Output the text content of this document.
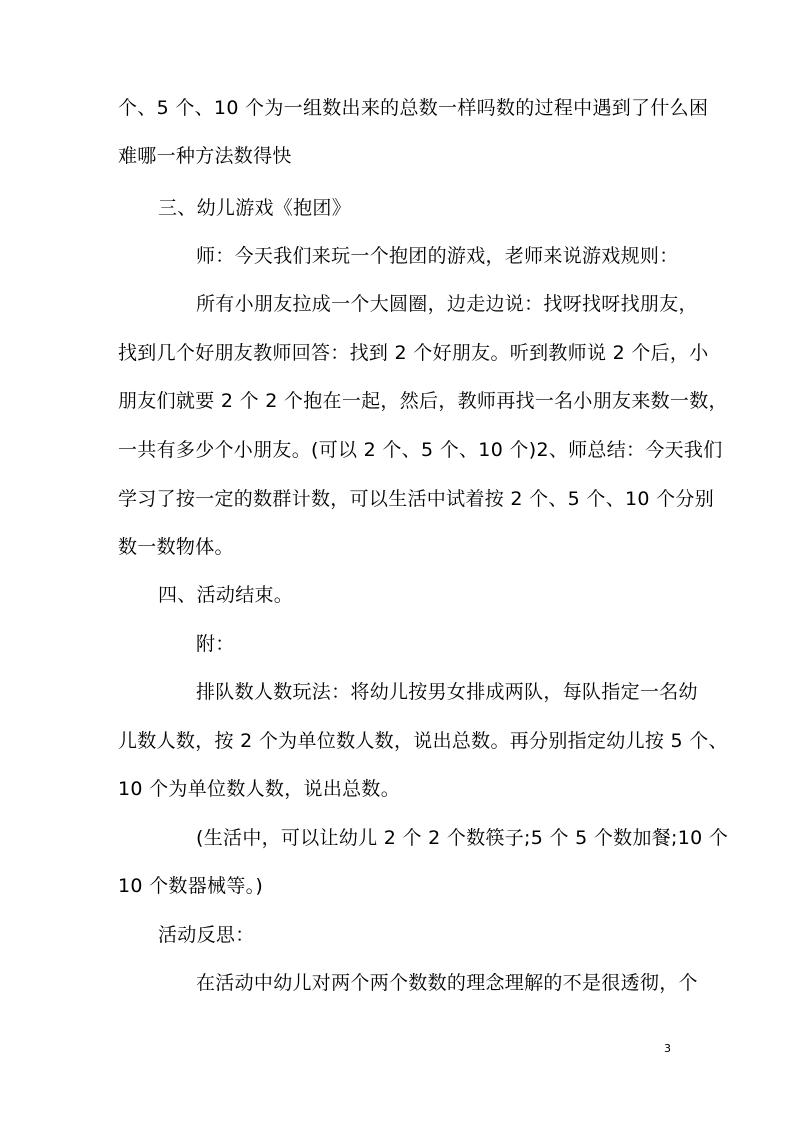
个、5 个、10 个为一组数出来的总数一样吗数的过程中遇到了什么困
难哪一种方法数得快
三、幼儿游戏《抱团》
师：今天我们来玩一个抱团的游戏，老师来说游戏规则：
所有小朋友拉成一个大圆圈，边走边说：找呀找呀找朋友，
找到几个好朋友教师回答：找到 2 个好朋友。听到教师说 2 个后，小
朋友们就要 2 个 2 个抱在一起，然后，教师再找一名小朋友来数一数，
一共有多少个小朋友。(可以 2 个、5 个、10 个)2、师总结：今天我们
学习了按一定的数群计数，可以生活中试着按 2 个、5 个、10 个分别
数一数物体。
四、活动结束。
附：
排队数人数玩法：将幼儿按男女排成两队，每队指定一名幼
儿数人数，按 2 个为单位数人数，说出总数。再分别指定幼儿按 5 个、
10 个为单位数人数，说出总数。
(生活中，可以让幼儿 2 个 2 个数筷子;5 个 5 个数加餐;10 个
10 个数器械等。)
活动反思：
在活动中幼儿对两个两个数数的理念理解的不是很透彻，个
3
